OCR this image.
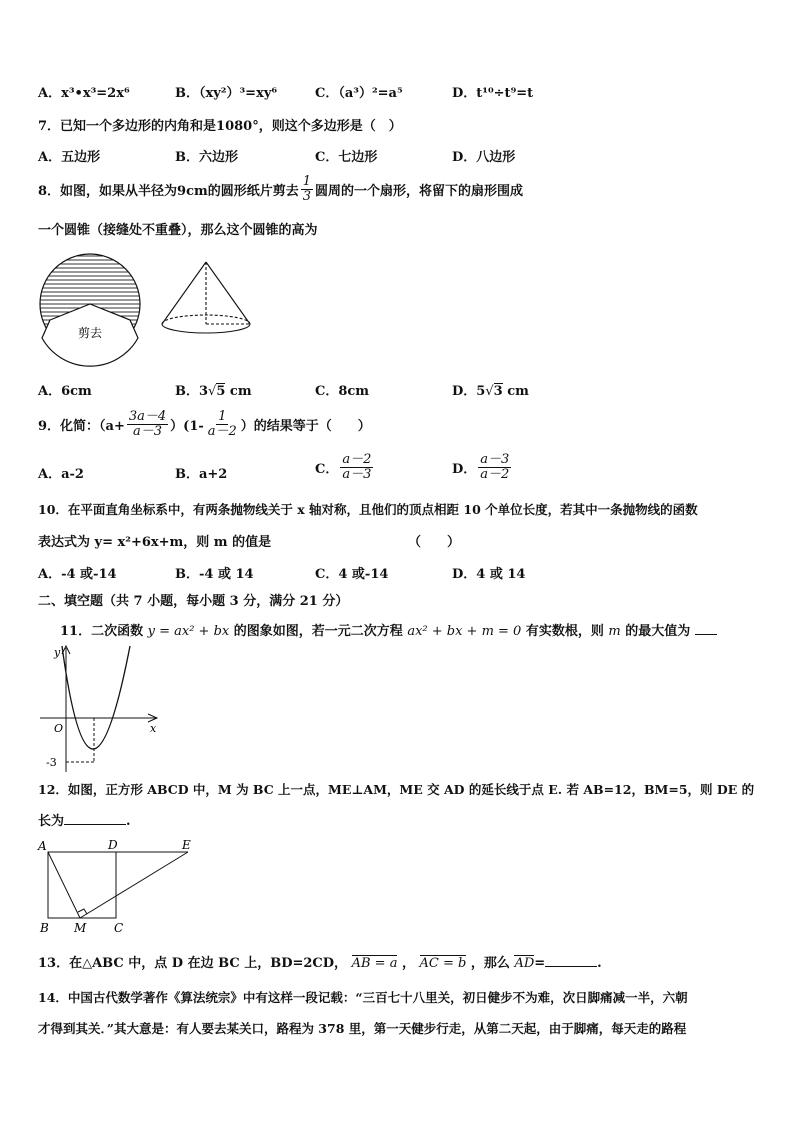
A．x³•x³=2x⁶	B．（xy²）³=xy⁶	C．（a³）²=a⁵	D．t¹⁰÷t⁹=t
7．已知一个多边形的内角和是1080°，则这个多边形是（　）
A．五边形	B．六边形	C．七边形	D．八边形
8．如图，如果从半径为9cm的圆形纸片剪去 $\frac{1}{3}$ 圆周的一个扇形，将留下的扇形围成
一个圆锥（接缝处不重叠），那么这个圆锥的高为
剪去
A．6cm	B．3√5 cm	C．8cm	D．5√3 cm
9．化简：$(a+ \frac{3a-4}{a-3} )(1- \frac{1}{a-2}$ ）的结果等于（　　）
A．a-2	B．a+2	C． $\frac{a-2}{a-3}$	D． $\frac{a-3}{a-2}$
10．在平面直角坐标系中，有两条抛物线关于 x 轴对称，且他们的顶点相距 10 个单位长度，若其中一条抛物线的函数
表达式为 y= x²+6x+m，则 m 的值是	（　　）
A．-4 或-14	B．-4 或 14	C．4 或-14	D．4 或 14
二、填空题（共 7 小题，每小题 3 分，满分 21 分）
11．二次函数 y = ax² + bx 的图象如图，若一元二次方程 ax² + bx + m = 0 有实数根，则 m 的最大值为
y
x
O
-3
12．如图，正方形 ABCD 中，M 为 BC 上一点，ME⊥AM，ME 交 AD 的延长线于点 E. 若 AB=12，BM=5，则 DE 的
长为	.
A	D	E
B M C
13．在△ABC 中，点 D 在边 BC 上，BD=2CD， AB = a ， AC = b ，那么 AD=	.
14．中国古代数学著作《算法统宗》中有这样一段记载：“三百七十八里关，初日健步不为难，次日脚痛减一半，六朝
才得到其关．”其大意是：有人要去某关口，路程为 378 里，第一天健步行走，从第二天起，由于脚痛，每天走的路程
